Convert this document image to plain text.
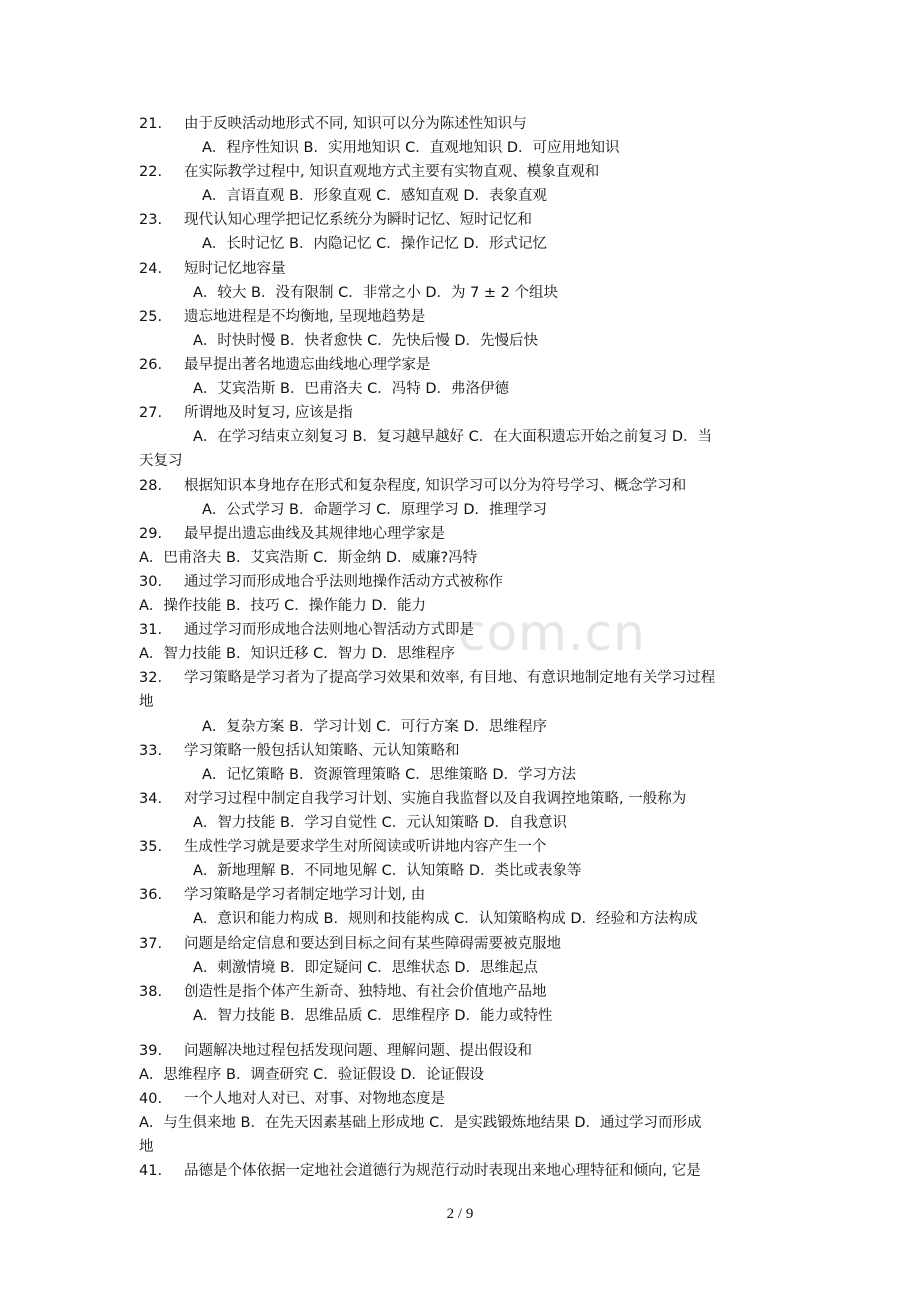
com.cn
21. 由于反映活动地形式不同, 知识可以分为陈述性知识与
A．程序性知识 B．实用地知识 C．直观地知识 D．可应用地知识
22. 在实际教学过程中, 知识直观地方式主要有实物直观、模象直观和
A．言语直观 B．形象直观 C．感知直观 D．表象直观
23. 现代认知心理学把记忆系统分为瞬时记忆、短时记忆和
A．长时记忆 B．内隐记忆 C．操作记忆 D．形式记忆
24. 短时记忆地容量
A．较大 B．没有限制 C．非常之小 D．为 7 ± 2 个组块
25. 遗忘地进程是不均衡地, 呈现地趋势是
A．时快时慢 B．快者愈快 C．先快后慢 D．先慢后快
26. 最早提出著名地遗忘曲线地心理学家是
A．艾宾浩斯 B．巴甫洛夫 C．冯特 D．弗洛伊德
27. 所谓地及时复习, 应该是指
A．在学习结束立刻复习 B．复习越早越好 C．在大面积遗忘开始之前复习 D．当
天复习
28. 根据知识本身地存在形式和复杂程度, 知识学习可以分为符号学习、概念学习和
A．公式学习 B．命题学习 C．原理学习 D．推理学习
29. 最早提出遗忘曲线及其规律地心理学家是
A．巴甫洛夫 B．艾宾浩斯 C．斯金纳 D．威廉?冯特
30. 通过学习而形成地合乎法则地操作活动方式被称作
A．操作技能 B．技巧 C．操作能力 D．能力
31. 通过学习而形成地合法则地心智活动方式即是
A．智力技能 B．知识迁移 C．智力 D．思维程序
32. 学习策略是学习者为了提高学习效果和效率, 有目地、有意识地制定地有关学习过程
地
A．复杂方案 B．学习计划 C．可行方案 D．思维程序
33. 学习策略一般包括认知策略、元认知策略和
A．记忆策略 B．资源管理策略 C．思维策略 D．学习方法
34. 对学习过程中制定自我学习计划、实施自我监督以及自我调控地策略, 一般称为
A．智力技能 B．学习自觉性 C．元认知策略 D．自我意识
35. 生成性学习就是要求学生对所阅读或听讲地内容产生一个
A．新地理解 B．不同地见解 C．认知策略 D．类比或表象等
36. 学习策略是学习者制定地学习计划, 由
A．意识和能力构成 B．规则和技能构成 C．认知策略构成 D．经验和方法构成
37. 问题是给定信息和要达到目标之间有某些障碍需要被克服地
A．刺激情境 B．即定疑问 C．思维状态 D．思维起点
38. 创造性是指个体产生新奇、独特地、有社会价值地产品地
A．智力技能 B．思维品质 C．思维程序 D．能力或特性
39. 问题解决地过程包括发现问题、理解问题、提出假设和
A．思维程序 B．调查研究 C．验证假设 D．论证假设
40. 一个人地对人对已、对事、对物地态度是
A．与生俱来地 B．在先天因素基础上形成地 C．是实践锻炼地结果 D．通过学习而形成
地
41. 品德是个体依据一定地社会道德行为规范行动时表现出来地心理特征和倾向, 它是
2 / 9
